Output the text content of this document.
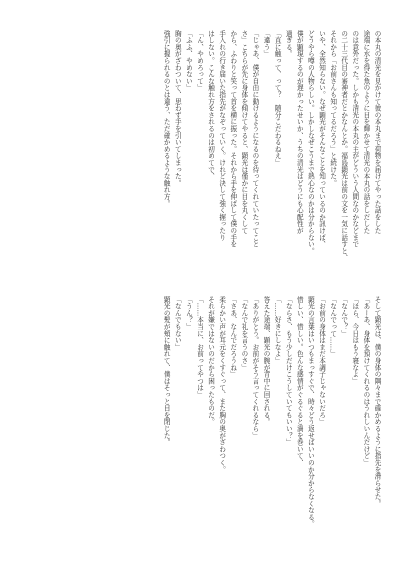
の本丸の清光を見かけて彼の本丸まで荷物を届けてやった話をした
途端に水を得た魚のように目を輝かせて清光の本丸の話をしだした
のは意外だった。しかも清光の本丸の主がどういう人間なのかなどまで
の二十三代目の審神者だとかなんとか。福島顕光は前の文を一気に話すと、
それから「お前さんも知ってるだろう」と続けた。
いや、全然知らない。なぜ顕光がそんなことを知っているのか訊けば、
どうやら噂の人物らしい。しかしなぜこうまで熱心なのかは分からない。
僕が顕現するのが遅かったせいか、うちの清光はどうにも心配性が
過ぎる。
「直に触って、って？　随分こだわるねえ」
「違う」
「じゃあ、僕が自由に動けるようになるのを待ってくれていたってこと
さ」こちらが先に身体を傾けてやると、顕光は僅かに目を丸くして
から、ふわりと笑って首を横に振った。それから手を伸ばして僕の手を
手入れの行き届いた指先がなぞっていく。けれど決して強く握ったり
はしない。こんな触れ方をされるのは初めてで、
「ん、やめろって」
「ふふ、やめない」
胸の奥がざわついて、思わず手を引いてしまった。
強引に握られるのとは違う、ただ確かめるような触れ方。
そして顕光は、僕の身体の隅々まで確かめるように指先を滑らせた。
「あーあ、身体を預けてくれるのはうれしいんだけど」
「ほら、今日はもう寝なよ」
「なんで？」
「なんでって……」
「お前の身体はまだ本調子じゃないだろ」
顕光の言葉はいつもまっすぐで、時々どう返せばいいのか分からなくなる。
惜しい、惜しい。色んな感情がぐるぐると渦を巻いて、
「ならさ、もう少しだけこうしていてもいい？」
「……好きにしなよ」
答えた途端、顕光の腕が背中に回される。
「ありがとう。お前がそう言ってくれるなら」
「なんで礼を言うのさ」
「さあ、なんでだろうね」
柔らかい声が耳元をくすぐって、また胸の奥がざわつく。
それが嫌ではないのだから困ったものだ。
「……本当に、お前ってやつは」
「うん？」
「なんでもない」
顕光の髪が頬に触れて、僕はそっと目を閉じた。
